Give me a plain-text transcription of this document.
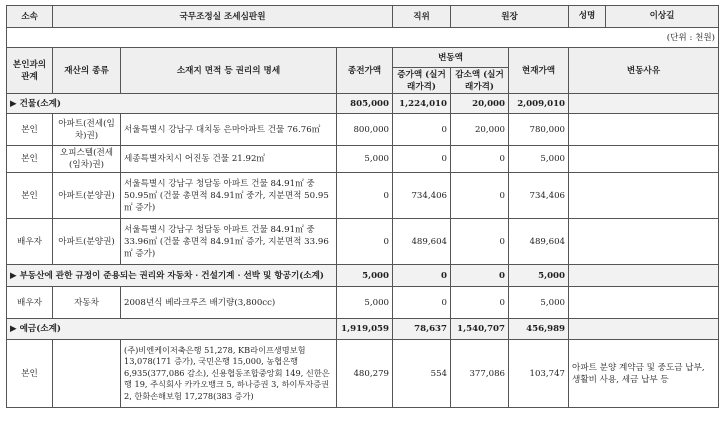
소속	국무조정실 조세심판원			직위	원장		성명 이상길

(단위 : 천원)							
본인과의 관계	재산의 종류	소재지 면적 등 권리의 명세	종전가액	변동액		현재가액	변동사유
				증가액 (실거래가격)	감소액 (실거래가격)		
▶ 건물(소계)			805,000	1,224,010	20,000	2,009,010	
본인	아파트(전세(임차)권)	서울특별시 강남구 대치동 은마아파트 건물 76.76㎡	800,000	0	20,000	780,000	
본인	오피스텔(전세(임차)권)	세종특별자치시 어진동 건물 21.92㎡	5,000	0	0	5,000	
본인	아파트(분양권)	서울특별시 강남구 청담동 아파트 건물 84.91㎡ 중 50.95㎡ (건물 총면적 84.91㎡ 중가, 지분면적 50.95㎡ 증가)	0	734,406	0	734,406	
배우자	아파트(분양권)	서울특별시 강남구 청담동 아파트 건물 84.91㎡ 중 33.96㎡ (건물 총면적 84.91㎡ 증가, 지분면적 33.96㎡ 증가)	0	489,604	0	489,604	
▶ 부동산에 관한 규정이 준용되는 권리와 자동차 · 건설기계 · 선박 및 항공기(소계)			5,000	0	0	5,000	
배우자	자동차	2008년식 베라크루즈 배기량(3,800cc)	5,000	0	0	5,000	
▶ 예금(소계)			1,919,059	78,637	1,540,707	456,989	
본인		(주)비엔케이저축은행 51,278, KB라이프생명보험 13,078(171 증가), 국민은행 15,000, 농협은행 6,935(377,086 감소), 신용협동조합중앙회 149, 신한은행 19, 주식회사 카카오뱅크 5, 하나증권 3, 하이투자증권 2, 한화손해보험 17,278(383 증가)	480,279	554	377,086	103,747	아파트 분양 계약금 및 중도금 납부, 생활비 사용, 세금 납부 등
